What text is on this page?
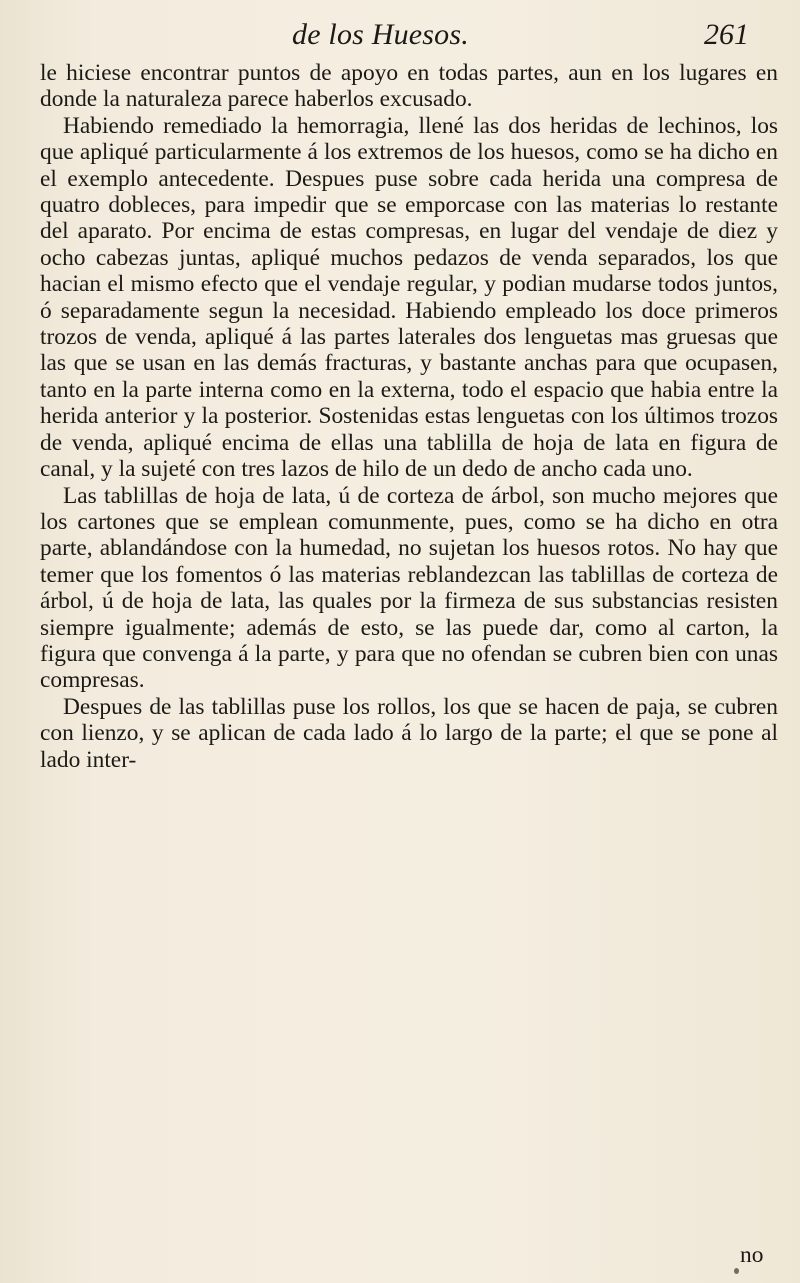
de los Huesos.	261

le hiciese encontrar puntos de apoyo en todas partes, aun en los lugares en donde la naturaleza parece haberlos excusado.

Habiendo remediado la hemorragia, llené las dos heridas de lechinos, los que apliqué particularmente á los extremos de los huesos, como se ha dicho en el exemplo antecedente. Despues puse sobre cada herida una compresa de quatro dobleces, para impedir que se emporcase con las materias lo restante del aparato. Por encima de estas compresas, en lugar del vendaje de diez y ocho cabezas juntas, apliqué muchos pedazos de venda separados, los que hacian el mismo efecto que el vendaje regular, y podian mudarse todos juntos, ó separadamente segun la necesidad. Habiendo empleado los doce primeros trozos de venda, apliqué á las partes laterales dos lenguetas mas gruesas que las que se usan en las demás fracturas, y bastante anchas para que ocupasen, tanto en la parte interna como en la externa, todo el espacio que habia entre la herida anterior y la posterior. Sostenidas estas lenguetas con los últimos trozos de venda, apliqué encima de ellas una tablilla de hoja de lata en figura de canal, y la sujeté con tres lazos de hilo de un dedo de ancho cada uno.

Las tablillas de hoja de lata, ú de corteza de árbol, son mucho mejores que los cartones que se emplean comunmente, pues, como se ha dicho en otra parte, ablandándose con la humedad, no sujetan los huesos rotos. No hay que temer que los fomentos ó las materias reblandezcan las tablillas de corteza de árbol, ú de hoja de lata, las quales por la firmeza de sus substancias resisten siempre igualmente; además de esto, se las puede dar, como al carton, la figura que convenga á la parte, y para que no ofendan se cubren bien con unas compresas.

Despues de las tablillas puse los rollos, los que se hacen de paja, se cubren con lienzo, y se aplican de cada lado á lo largo de la parte; el que se pone al lado inter-

no
